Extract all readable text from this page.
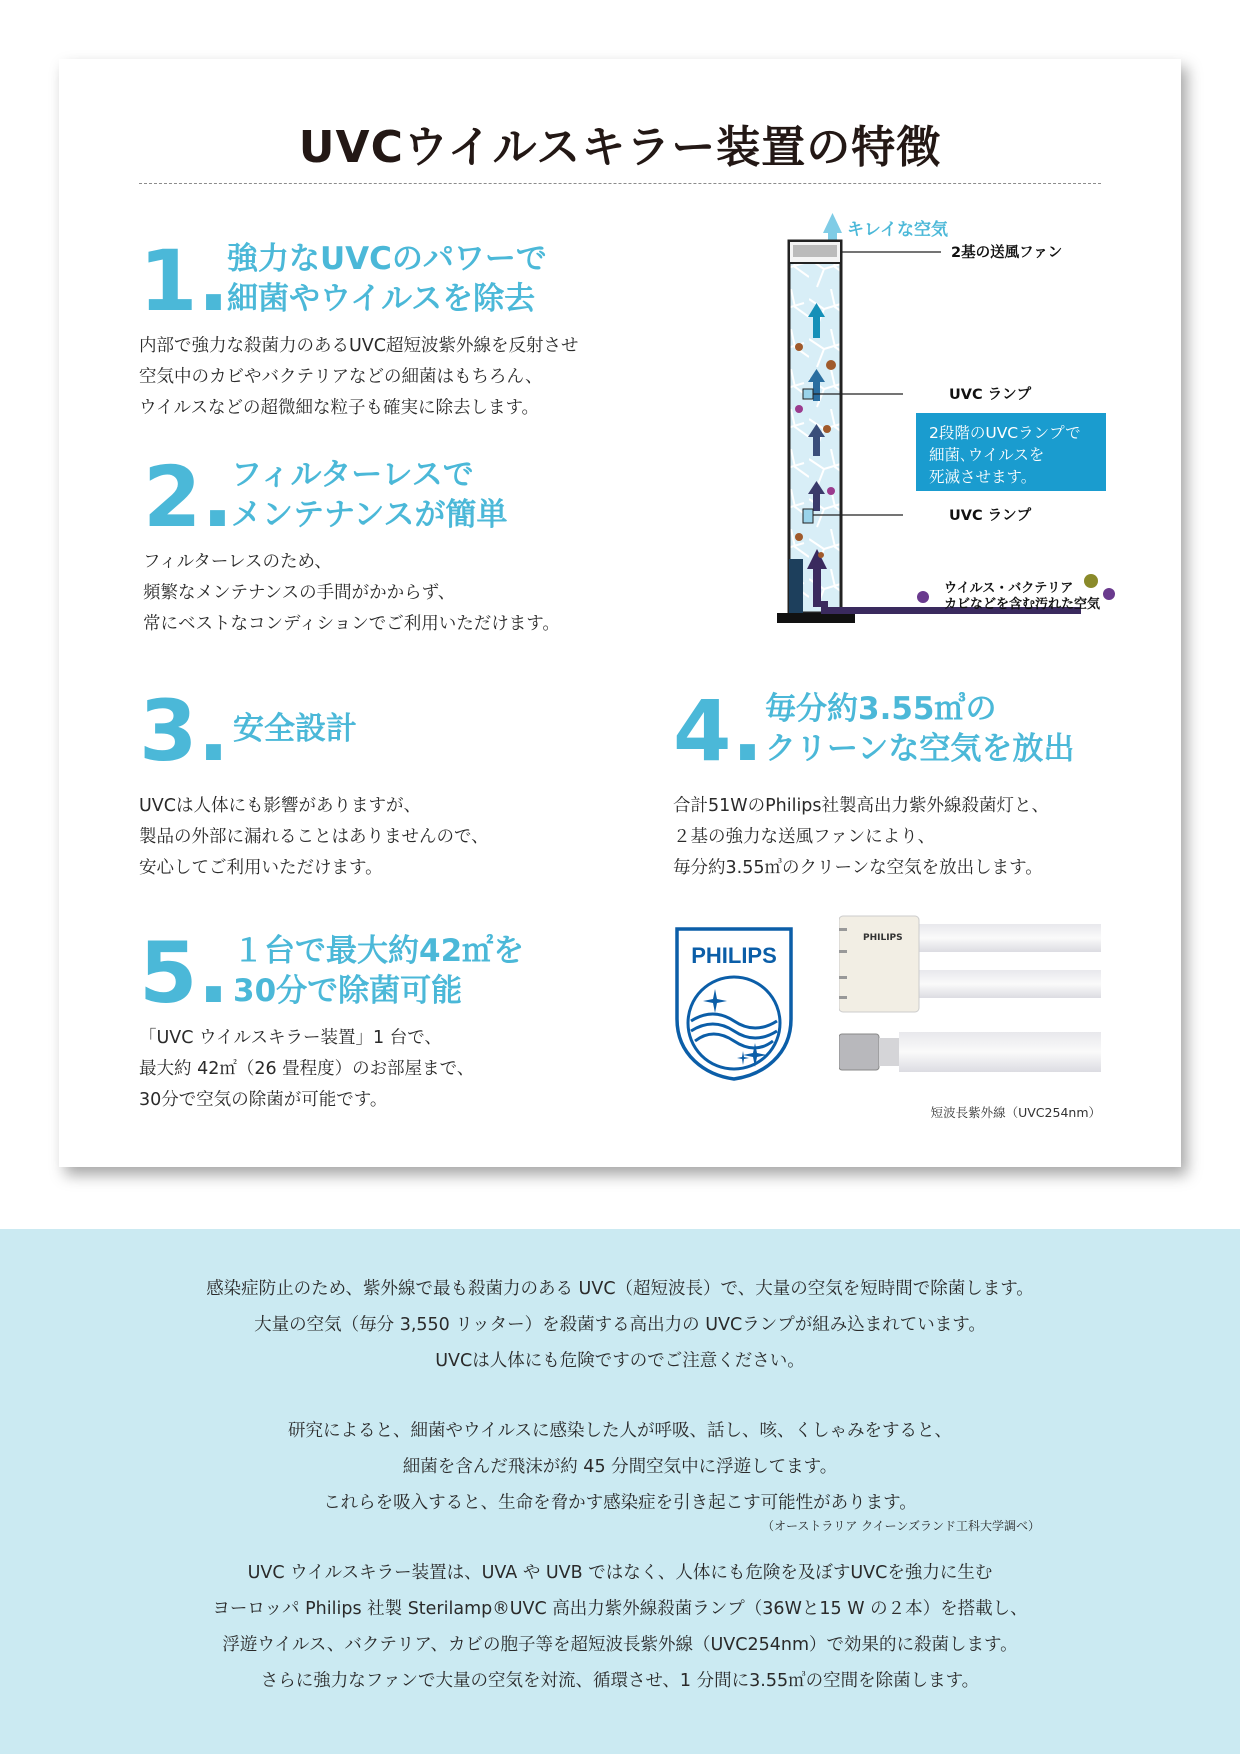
UVCウイルスキラー装置の特徴
1.
強力なUVCのパワーで
細菌やウイルスを除去
内部で強力な殺菌力のあるUVC超短波紫外線を反射させ
空気中のカビやバクテリアなどの細菌はもちろん、
ウイルスなどの超微細な粒子も確実に除去します。
2.
フィルターレスで
メンテナンスが簡単
フィルターレスのため、
頻繁なメンテナンスの手間がかからず、
常にベストなコンディションでご利用いただけます。
3. 安全設計
UVCは人体にも影響がありますが、
製品の外部に漏れることはありませんので、
安心してご利用いただけます。
4. 毎分約3.55㎥の
クリーンな空気を放出
合計51WのPhilips社製高出力紫外線殺菌灯と、
２基の強力な送風ファンにより、
毎分約3.55㎥のクリーンな空気を放出します。
5. １台で最大約42㎡を
30分で除菌可能
「UVC ウイルスキラー装置」1 台で、
最大約 42㎡（26 畳程度）のお部屋まで、
30分で空気の除菌が可能です。
キレイな空気
2基の送風ファン
UVC ランプ
UVC ランプ
2段階のUVCランプで
細菌､ウイルスを
死滅させます。
ウイルス・バクテリア
カビなどを含む汚れた空気
PHILIPS
PHILIPS
短波長紫外線（UVC254nm）
感染症防止のため、紫外線で最も殺菌力のある UVC（超短波長）で、大量の空気を短時間で除菌します。
大量の空気（毎分 3,550 リッター）を殺菌する高出力の UVCランプが組み込まれています。
UVCは人体にも危険ですのでご注意ください。
研究によると、細菌やウイルスに感染した人が呼吸、話し、咳、くしゃみをすると、
細菌を含んだ飛沫が約 45 分間空気中に浮遊してます。
これらを吸入すると、生命を脅かす感染症を引き起こす可能性があります。
（オーストラリア クイーンズランド工科大学調べ）
UVC ウイルスキラー装置は、UVA や UVB ではなく、人体にも危険を及ぼすUVCを強力に生む
ヨーロッパ Philips 社製 Sterilamp®UVC 高出力紫外線殺菌ランプ（36Wと15 W の２本）を搭載し、
浮遊ウイルス、バクテリア、カビの胞子等を超短波長紫外線（UVC254nm）で効果的に殺菌します。
さらに強力なファンで大量の空気を対流、循環させ、1 分間に3.55㎥の空間を除菌します。
